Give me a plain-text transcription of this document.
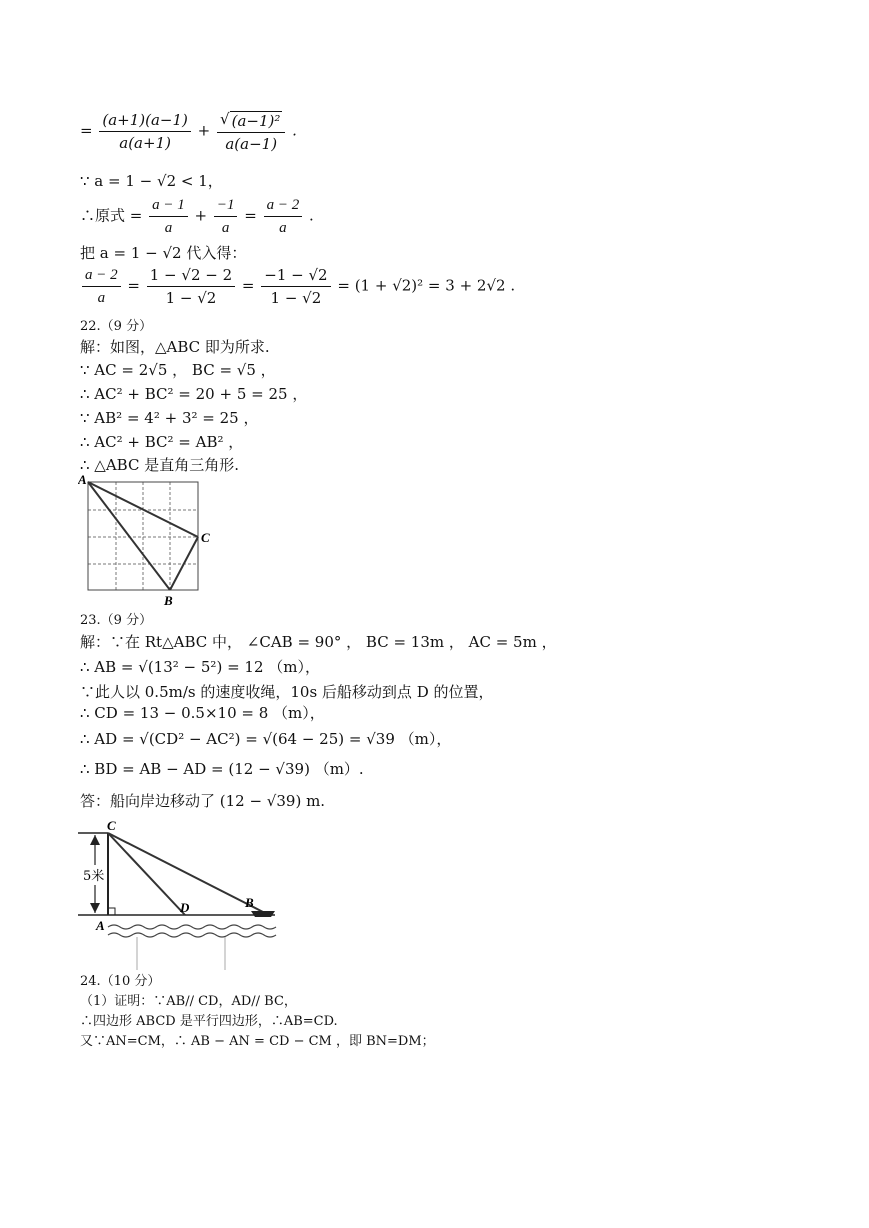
= $\frac{(a+1)(a-1)}{a(a+1)} + \frac{\text{√ (a−1)²}}{a(a-1)}$ .
∵ a = 1 − √2 < 1，
∴原式 = $\frac{a - 1}{a} + \frac{-1}{a} = \frac{a - 2}{a}$ .
把 a = 1 − √2 代入得：
$\frac{a - 2}{a} = \frac{1 - √2 - 2}{1 - √2} = \frac{-1 - √2}{1 - √2} = (1 + √2)^2 = 3 + 2√2$ .
22.（9 分）
解：如图，△ABC 即为所求.
∵ AC = 2√5 ， BC = √5 ，
∴ AC² + BC² = 20 + 5 = 25 ，
∵ AB² = 4² + 3² = 25 ，
∴ AC² + BC² = AB² ，
∴ △ABC 是直角三角形.
A
C
B
23.（9 分）
解：∵在 Rt△ABC 中， ∠CAB = 90° ， BC = 13m ， AC = 5m ，
∴ AB = √(13² − 5²) = 12 （m），
∵此人以 0.5m/s 的速度收绳，10s 后船移动到点 D 的位置，
∴ CD = 13 − 0.5×10 = 8 （m），
∴ AD = √(CD² − AC²) = √(64 − 25) = √39 （m），
∴ BD = AB − AD = (12 − √39) （m）.
答：船向岸边移动了 (12 − √39) m.
5米
C
A
D	B
24.（10 分）
（1）证明：∵AB// CD，AD// BC，
∴四边形 ABCD 是平行四边形，∴AB=CD.
又∵AN=CM，∴ AB − AN = CD − CM ，即 BN=DM；
